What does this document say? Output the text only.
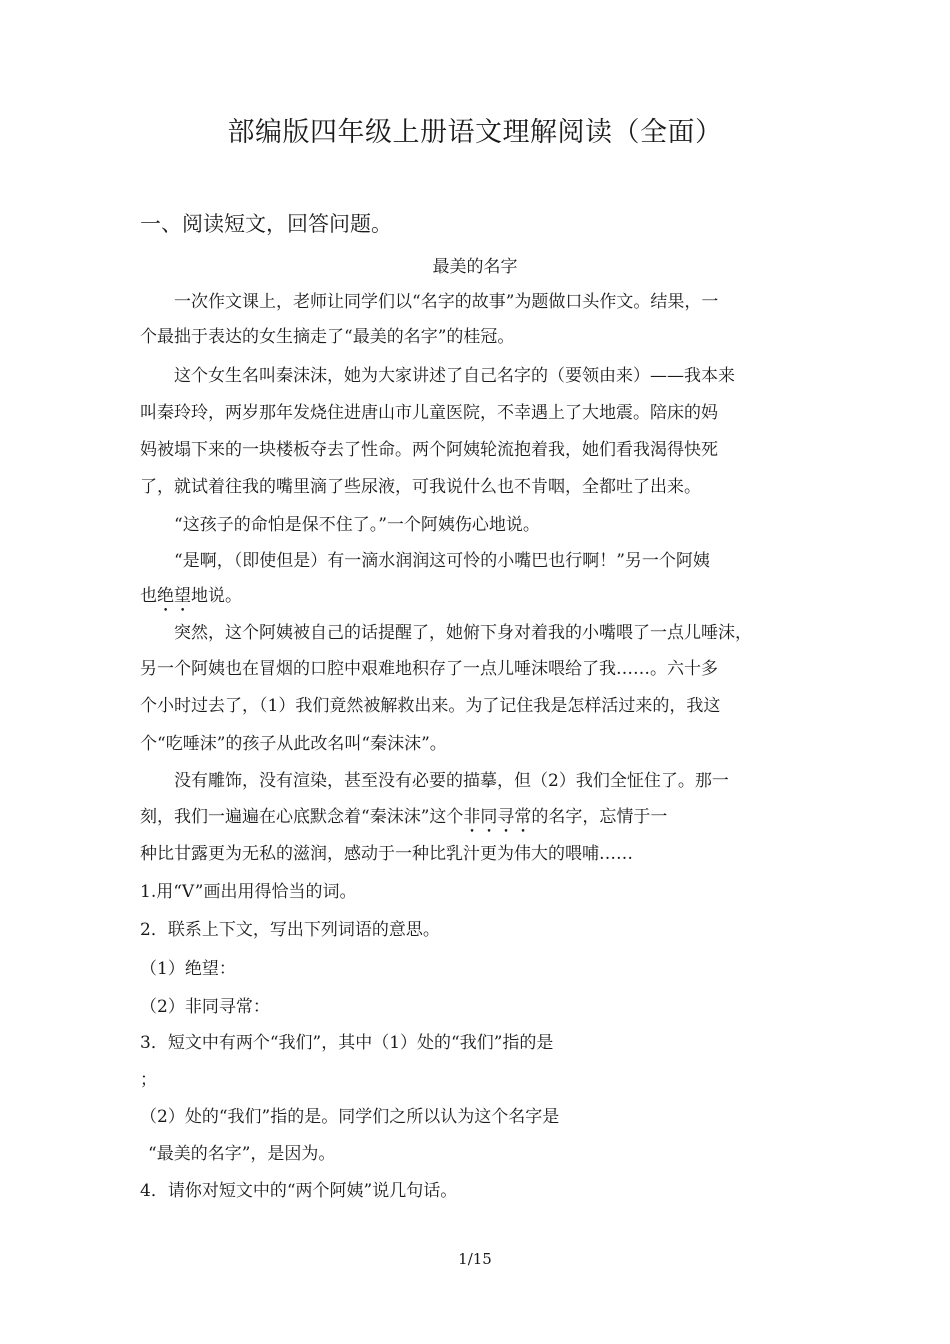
部编版四年级上册语文理解阅读（全面）
一、阅读短文，回答问题。
最美的名字
一次作文课上，老师让同学们以“名字的故事”为题做口头作文。结果，一
个最拙于表达的女生摘走了“最美的名字”的桂冠。
这个女生名叫秦沫沫，她为大家讲述了自己名字的（要领由来）——我本来
叫秦玲玲，两岁那年发烧住进唐山市儿童医院，不幸遇上了大地震。陪床的妈
妈被塌下来的一块楼板夺去了性命。两个阿姨轮流抱着我，她们看我渴得快死
了，就试着往我的嘴里滴了些尿液，可我说什么也不肯咽，全都吐了出来。
“这孩子的命怕是保不住了。”一个阿姨伤心地说。
“是啊，（即使但是）有一滴水润润这可怜的小嘴巴也行啊！”另一个阿姨
也绝望地说。
突然，这个阿姨被自己的话提醒了，她俯下身对着我的小嘴喂了一点儿唾沫，
另一个阿姨也在冒烟的口腔中艰难地积存了一点儿唾沫喂给了我……。六十多
个小时过去了，（1）我们竟然被解救出来。为了记住我是怎样活过来的，我这
个“吃唾沫”的孩子从此改名叫“秦沫沫”。
没有雕饰，没有渲染，甚至没有必要的描摹，但（2）我们全怔住了。那一
刻，我们一遍遍在心底默念着“秦沫沫”这个非同寻常的名字，忘情于一
种比甘露更为无私的滋润，感动于一种比乳汁更为伟大的喂哺……
1.用“V”画出用得恰当的词。
2．联系上下文，写出下列词语的意思。
（1）绝望：
（2）非同寻常：
3．短文中有两个“我们”，其中（1）处的“我们”指的是
；
（2）处的“我们”指的是。同学们之所以认为这个名字是
“最美的名字”，是因为。
4．请你对短文中的“两个阿姨”说几句话。
1/15
